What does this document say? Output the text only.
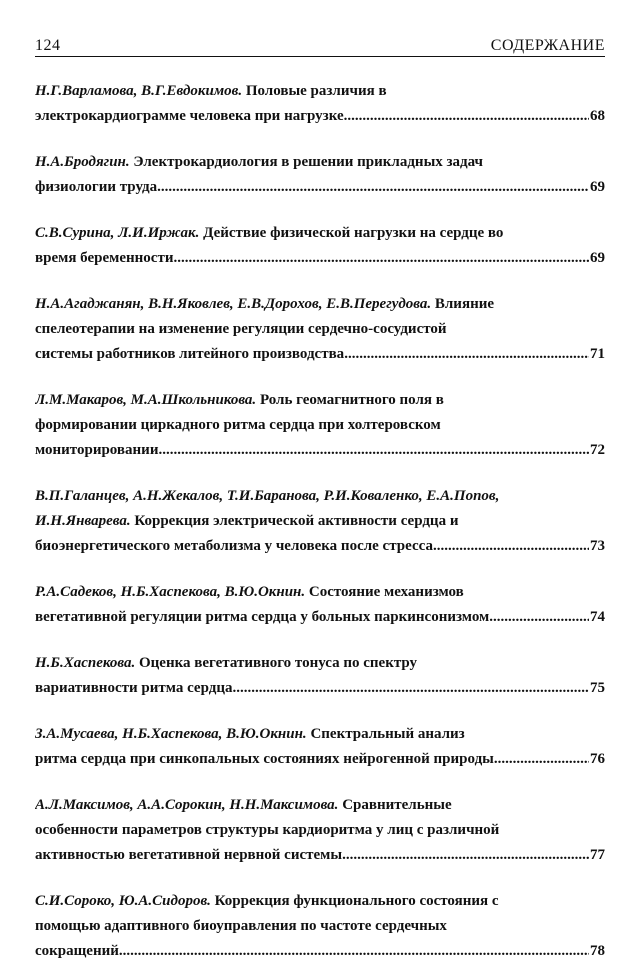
124	СОДЕРЖАНИЕ
Н.Г.Варламова, В.Г.Евдокимов. Половые различия в
электрокардиограмме человека при нагрузке .....	68
Н.А.Бродягин. Электрокардиология в решении прикладных задач
физиологии труда .....	69
С.В.Сурина, Л.И.Иржак. Действие физической нагрузки на сердце во
время беременности .....	69
Н.А.Агаджанян, В.Н.Яковлев, Е.В.Дорохов, Е.В.Перегудова. Влияние
спелеотерапии на изменение регуляции сердечно-сосудистой
системы работников литейного производства .....	71
Л.М.Макаров, М.А.Школьникова. Роль геомагнитного поля в
формировании циркадного ритма сердца при холтеровском
мониторировании .....	72
В.П.Галанцев, А.Н.Жекалов, Т.И.Баранова, Р.И.Коваленко, Е.А.Попов,
И.Н.Январева. Коррекция электрической активности сердца и
биоэнергетического метаболизма у человека после стресса .....	73
Р.А.Садеков, Н.Б.Хаспекова, В.Ю.Окнин. Состояние механизмов
вегетативной регуляции ритма сердца у больных паркинсонизмом .....	74
Н.Б.Хаспекова. Оценка вегетативного тонуса по спектру
вариативности ритма сердца .....	75
З.А.Мусаева, Н.Б.Хаспекова, В.Ю.Окнин. Спектральный анализ
ритма сердца при синкопальных состояниях нейрогенной природы .....	76
А.Л.Максимов, А.А.Сорокин, Н.Н.Максимова. Сравнительные
особенности параметров структуры кардиоритма у лиц с различной
активностью вегетативной нервной системы .....	77
С.И.Сороко, Ю.А.Сидоров. Коррекция функционального состояния с
помощью адаптивного биоуправления по частоте сердечных
сокращений .....	78
